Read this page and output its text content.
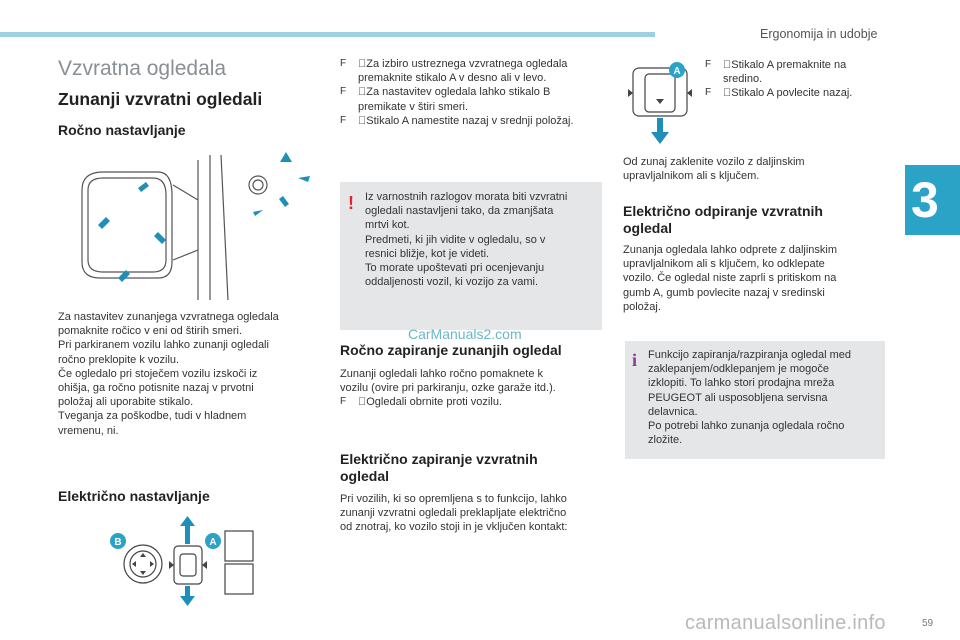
Ergonomija in udobje
3
Vzvratna ogledala
Zunanji vzvratni ogledali
Ročno nastavljanje

Za nastavitev zunanjega vzvratnega ogledala

pomaknite ročico v eni od štirih smeri.

Pri parkiranem vozilu lahko zunanji ogledali

ročno preklopite k vozilu.

Če ogledalo pri stoječem vozilu izskoči iz

ohišja, ga ročno potisnite nazaj v prvotni

položaj ali uporabite stikalo.

Tveganja za poškodbe, tudi v hladnem

vremenu, ni.

Električno nastavljanje
B	A
F Za izbiro ustreznega vzvratnega ogledala
premaknite stikalo A v desno ali v levo.
F Za nastavitev ogledala lahko stikalo B
premikate v štiri smeri.
F Stikalo A namestite nazaj v srednji položaj.
! Iz varnostnih razlogov morata biti vzvratni

ogledali nastavljeni tako, da zmanjšata

mrtvi kot.

Predmeti, ki jih vidite v ogledalu, so v

resnici bližje, kot je videti.

To morate upoštevati pri ocenjevanju

oddaljenosti vozil, ki vozijo za vami.

CarManuals2.com
Ročno zapiranje zunanjih ogledal

Zunanji ogledali lahko ročno pomaknete k

vozilu (ovire pri parkiranju, ozke garaže itd.).

F Ogledali obrnite proti vozilu.
Električno zapiranje vzvratnih
ogledal

Pri vozilih, ki so opremljena s to funkcijo, lahko

zunanji vzvratni ogledali preklapljate električno

od znotraj, ko vozilo stoji in je vključen kontakt:

A
F Stikalo A premaknite na
sredino.
F Stikalo A povlecite nazaj.

Od zunaj zaklenite vozilo z daljinskim

upravljalnikom ali s ključem.

Električno odpiranje vzvratnih
ogledal

Zunanja ogledala lahko odprete z daljinskim

upravljalnikom ali s ključem, ko odklepate

vozilo. Če ogledal niste zaprli s pritiskom na

gumb A, gumb povlecite nazaj v sredinski

položaj.

i Funkcijo zapiranja/razpiranja ogledal med

zaklepanjem/odklepanjem je mogoče

izklopiti. To lahko stori prodajna mreža

PEUGEOT ali usposobljena servisna

delavnica.

Po potrebi lahko zunanja ogledala ročno

zložite.

59
carmanualsonline.info
